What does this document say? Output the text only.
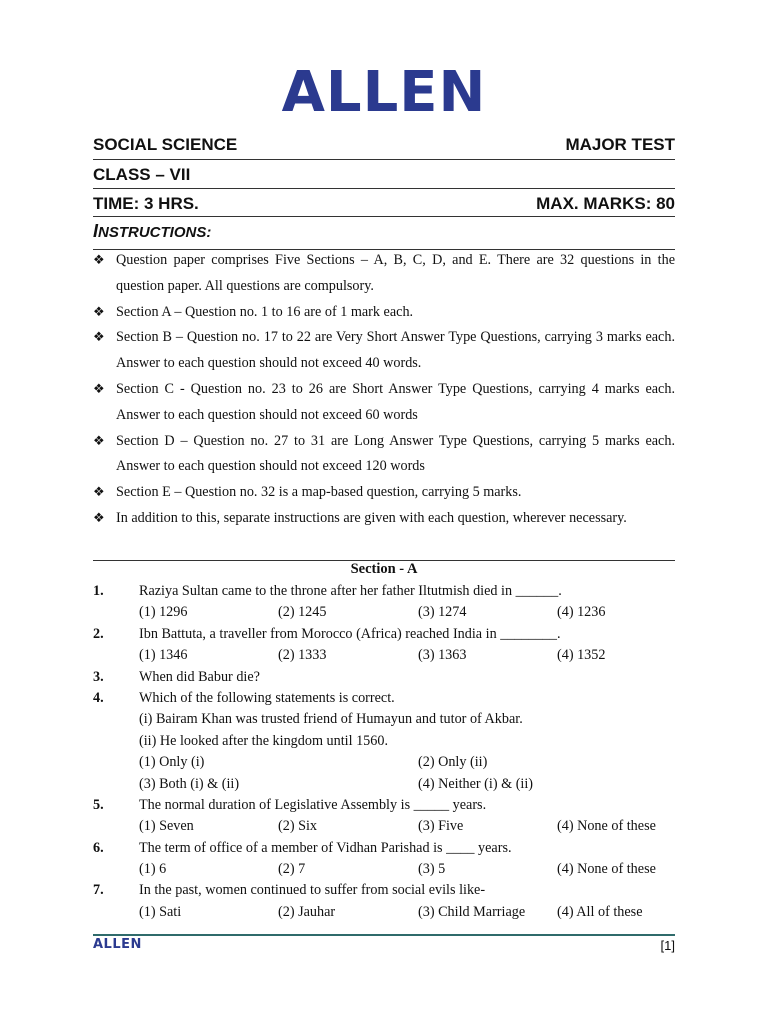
ALLEN
SOCIAL SCIENCE	MAJOR TEST
CLASS – VII
TIME: 3 HRS.	MAX. MARKS: 80
INSTRUCTIONS:
❖ Question paper comprises Five Sections – A, B, C, D, and E. There are 32 questions in the question paper. All questions are compulsory.
❖ Section A – Question no. 1 to 16 are of 1 mark each.
❖ Section B – Question no. 17 to 22 are Very Short Answer Type Questions, carrying 3 marks each. Answer to each question should not exceed 40 words.
❖ Section C - Question no. 23 to 26 are Short Answer Type Questions, carrying 4 marks each. Answer to each question should not exceed 60 words
❖ Section D – Question no. 27 to 31 are Long Answer Type Questions, carrying 5 marks each. Answer to each question should not exceed 120 words
❖ Section E – Question no. 32 is a map-based question, carrying 5 marks.
❖ In addition to this, separate instructions are given with each question, wherever necessary.
Section - A
1. Raziya Sultan came to the throne after her father Iltutmish died in ______.
(1) 1296	(2) 1245	(3) 1274	(4) 1236
2. Ibn Battuta, a traveller from Morocco (Africa) reached India in ________.
(1) 1346	(2) 1333	(3) 1363	(4) 1352
3. When did Babur die?
4. Which of the following statements is correct.
(i) Bairam Khan was trusted friend of Humayun and tutor of Akbar.
(ii) He looked after the kingdom until 1560.
(1) Only (i)	(2) Only (ii)
(3) Both (i) & (ii)	(4) Neither (i) & (ii)
5. The normal duration of Legislative Assembly is _____ years.
(1) Seven	(2) Six	(3) Five	(4) None of these
6. The term of office of a member of Vidhan Parishad is ____ years.
(1) 6	(2) 7	(3) 5	(4) None of these
7. In the past, women continued to suffer from social evils like-
(1) Sati	(2) Jauhar	(3) Child Marriage (4) All of these
ALLEN	[1]
